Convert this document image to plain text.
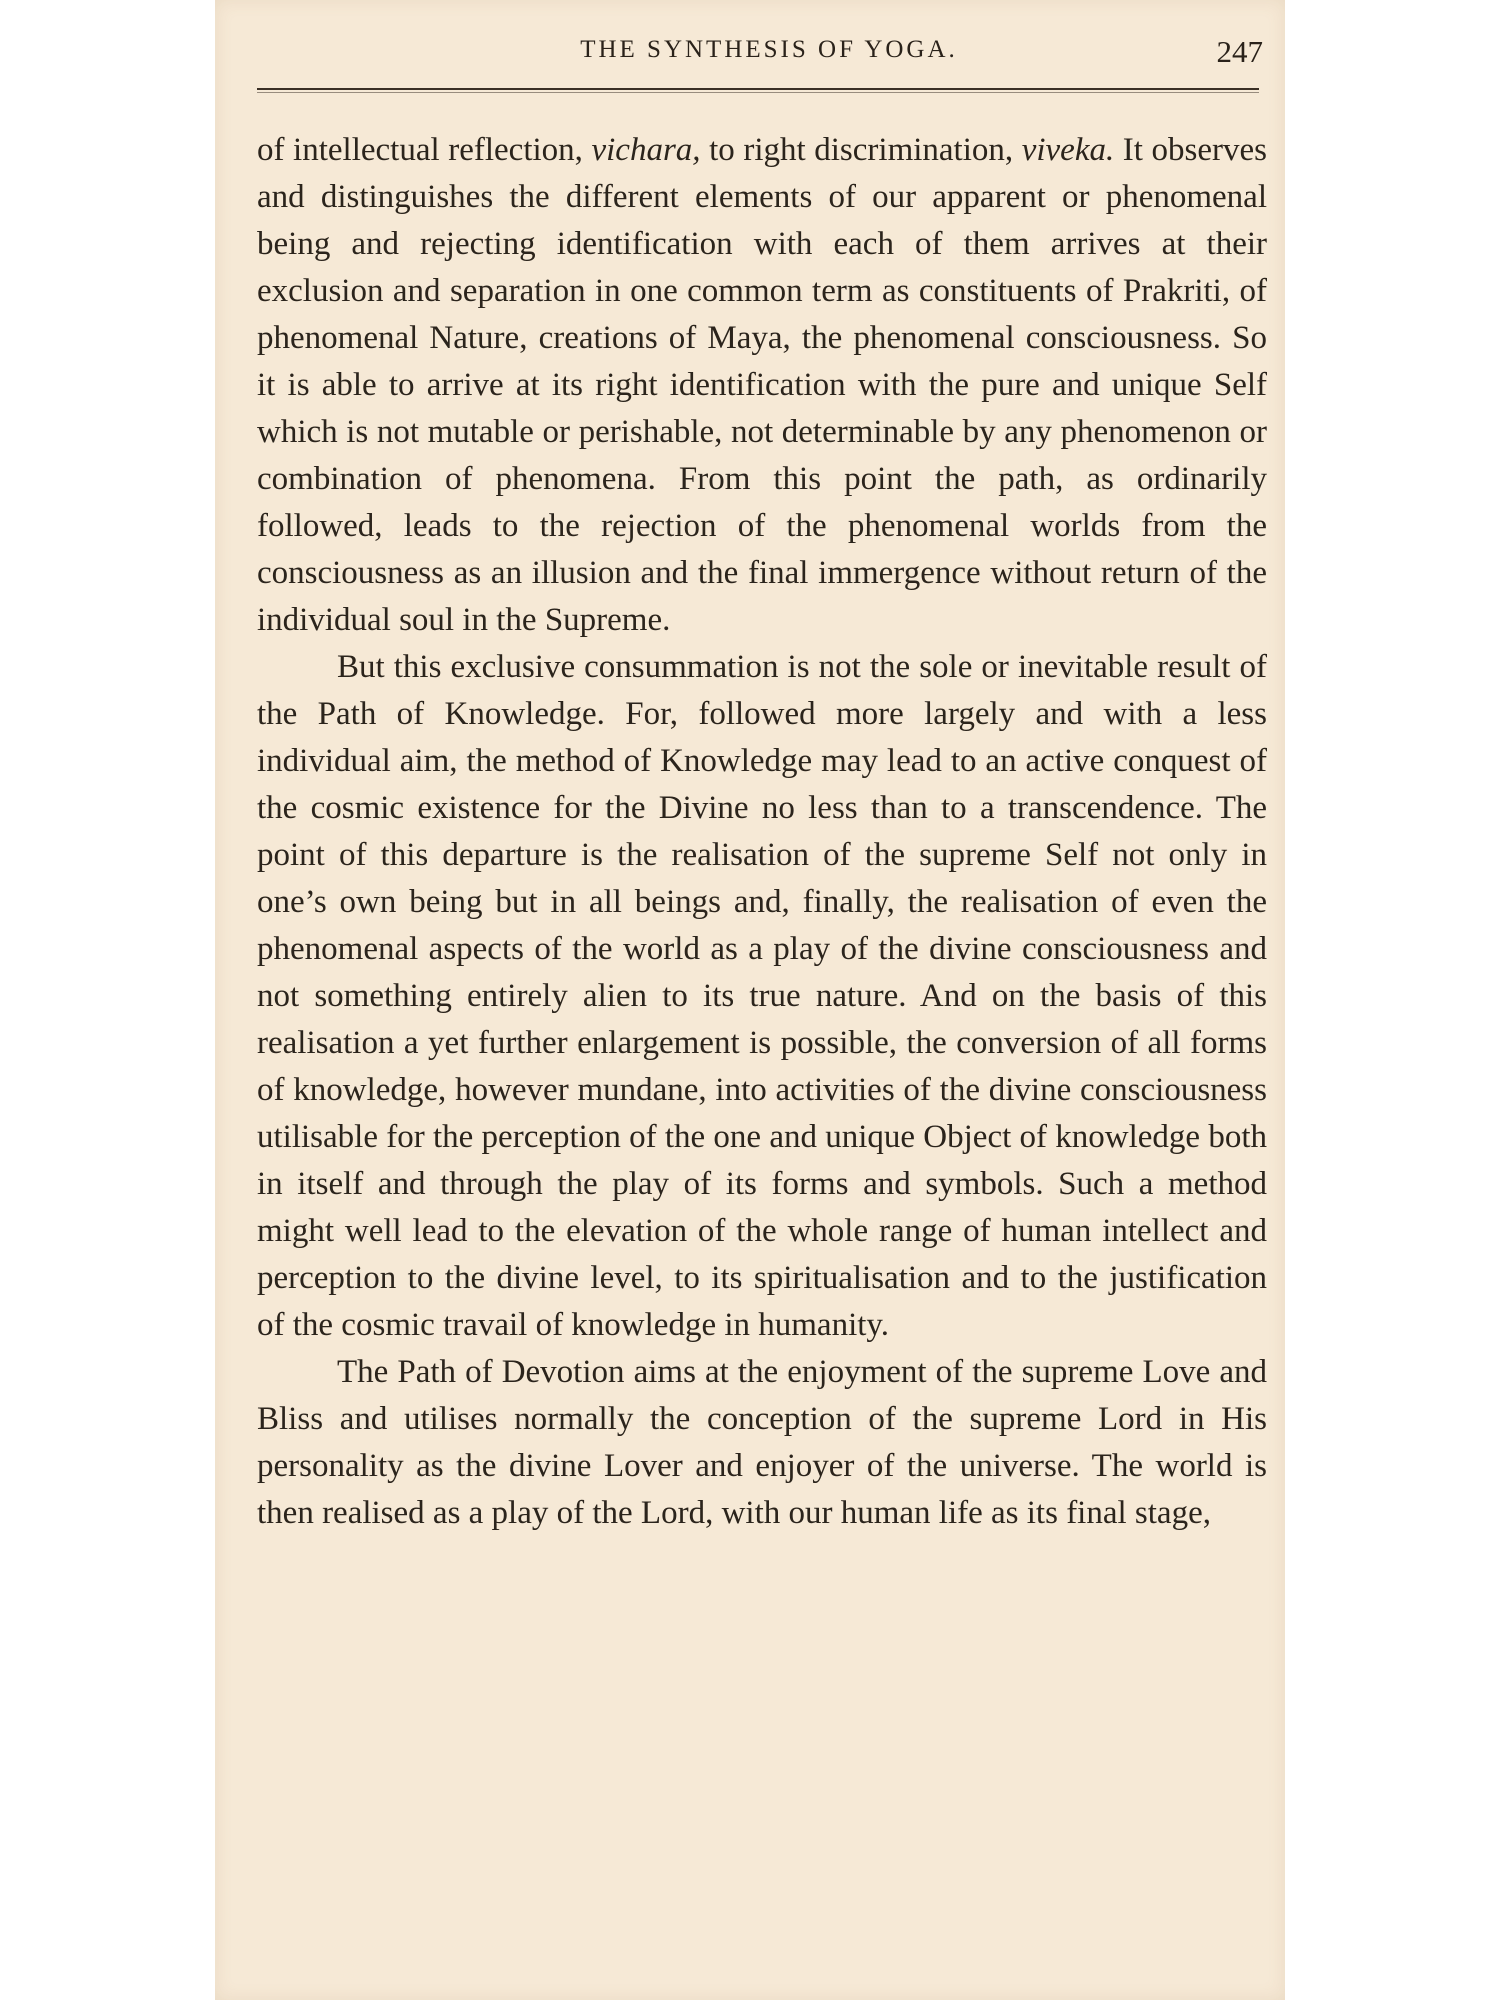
THE SYNTHESIS OF YOGA.	247

of intellectual reflection, vichara, to right discrimination, viveka. It observes and distinguishes the different elements of our apparent or phenomenal being and rejecting identification with each of them arrives at their exclusion and separation in one common term as constituents of Prakriti, of phenomenal Nature, creations of Maya, the phenomenal consciousness. So it is able to arrive at its right identification with the pure and unique Self which is not mutable or perishable, not determinable by any phenomenon or combination of phenomena. From this point the path, as ordinarily followed, leads to the rejection of the phenomenal worlds from the consciousness as an illusion and the final immergence without return of the individual soul in the Supreme.

But this exclusive consummation is not the sole or inevitable result of the Path of Knowledge. For, followed more largely and with a less individual aim, the method of Knowledge may lead to an active conquest of the cosmic existence for the Divine no less than to a transcendence. The point of this departure is the realisation of the supreme Self not only in one’s own being but in all beings and, finally, the realisation of even the phenomenal aspects of the world as a play of the divine consciousness and not something entirely alien to its true nature. And on the basis of this realisation a yet further enlargement is possible, the conversion of all forms of knowledge, however mundane, into activities of the divine consciousness utilisable for the perception of the one and unique Object of knowledge both in itself and through the play of its forms and symbols. Such a method might well lead to the elevation of the whole range of human intellect and perception to the divine level, to its spiritualisation and to the justification of the cosmic travail of knowledge in humanity.

The Path of Devotion aims at the enjoyment of the supreme Love and Bliss and utilises normally the conception of the supreme Lord in His personality as the divine Lover and enjoyer of the universe. The world is then realised as a play of the Lord, with our human life as its final stage,
